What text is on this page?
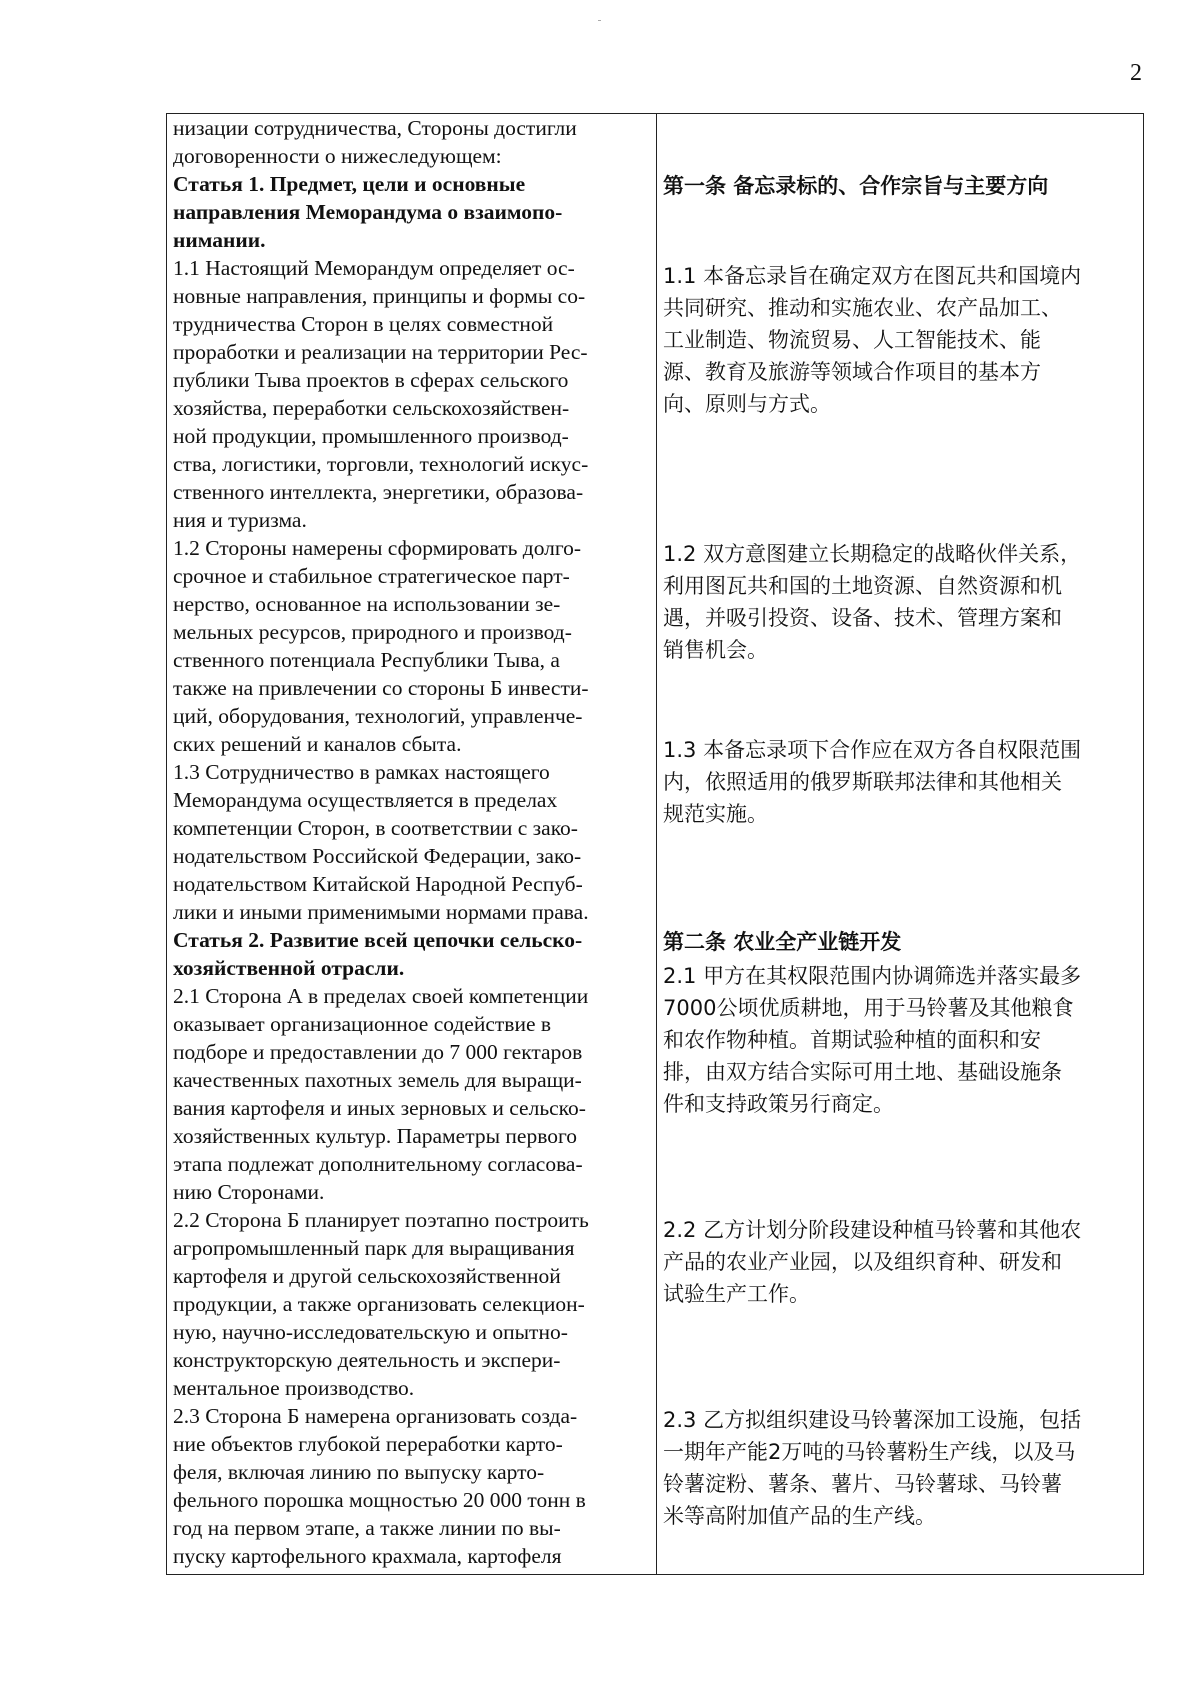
2
низации сотрудничества, Стороны достигли
договоренности о нижеследующем:
Статья 1. Предмет, цели и основные
направления Меморандума о взаимопо-
нимании.
1.1 Настоящий Меморандум определяет ос-
новные направления, принципы и формы со-
трудничества Сторон в целях совместной
проработки и реализации на территории Рес-
публики Тыва проектов в сферах сельского
хозяйства, переработки сельскохозяйствен-
ной продукции, промышленного производ-
ства, логистики, торговли, технологий искус-
ственного интеллекта, энергетики, образова-
ния и туризма.
1.2 Стороны намерены сформировать долго-
срочное и стабильное стратегическое парт-
нерство, основанное на использовании зе-
мельных ресурсов, природного и производ-
ственного потенциала Республики Тыва, а
также на привлечении со стороны Б инвести-
ций, оборудования, технологий, управленче-
ских решений и каналов сбыта.
1.3 Сотрудничество в рамках настоящего
Меморандума осуществляется в пределах
компетенции Сторон, в соответствии с зако-
нодательством Российской Федерации, зако-
нодательством Китайской Народной Респуб-
лики и иными применимыми нормами права.
Статья 2. Развитие всей цепочки сельско-
хозяйственной отрасли.
2.1 Сторона А в пределах своей компетенции
оказывает организационное содействие в
подборе и предоставлении до 7 000 гектаров
качественных пахотных земель для выращи-
вания картофеля и иных зерновых и сельско-
хозяйственных культур. Параметры первого
этапа подлежат дополнительному согласова-
нию Сторонами.
2.2 Сторона Б планирует поэтапно построить
агропромышленный парк для выращивания
картофеля и другой сельскохозяйственной
продукции, а также организовать селекцион-
ную, научно-исследовательскую и опытно-
конструкторскую деятельность и экспери-
ментальное производство.
2.3 Сторона Б намерена организовать созда-
ние объектов глубокой переработки карто-
феля, включая линию по выпуску карто-
фельного порошка мощностью 20 000 тонн в
год на первом этапе, а также линии по вы-
пуску картофельного крахмала, картофеля
第一条 备忘录标的、合作宗旨与主要方向
1.1 本备忘录旨在确定双方在图瓦共和国境内
共同研究、推动和实施农业、农产品加工、
工业制造、物流贸易、人工智能技术、能
源、教育及旅游等领域合作项目的基本方
向、原则与方式。
1.2 双方意图建立长期稳定的战略伙伴关系，
利用图瓦共和国的土地资源、自然资源和机
遇，并吸引投资、设备、技术、管理方案和
销售机会。
1.3 本备忘录项下合作应在双方各自权限范围
内，依照适用的俄罗斯联邦法律和其他相关
规范实施。
第二条 农业全产业链开发
2.1 甲方在其权限范围内协调筛选并落实最多
7000公顷优质耕地，用于马铃薯及其他粮食
和农作物种植。首期试验种植的面积和安
排，由双方结合实际可用土地、基础设施条
件和支持政策另行商定。
2.2 乙方计划分阶段建设种植马铃薯和其他农
产品的农业产业园，以及组织育种、研发和
试验生产工作。
2.3 乙方拟组织建设马铃薯深加工设施，包括
一期年产能2万吨的马铃薯粉生产线，以及马
铃薯淀粉、薯条、薯片、马铃薯球、马铃薯
米等高附加值产品的生产线。
